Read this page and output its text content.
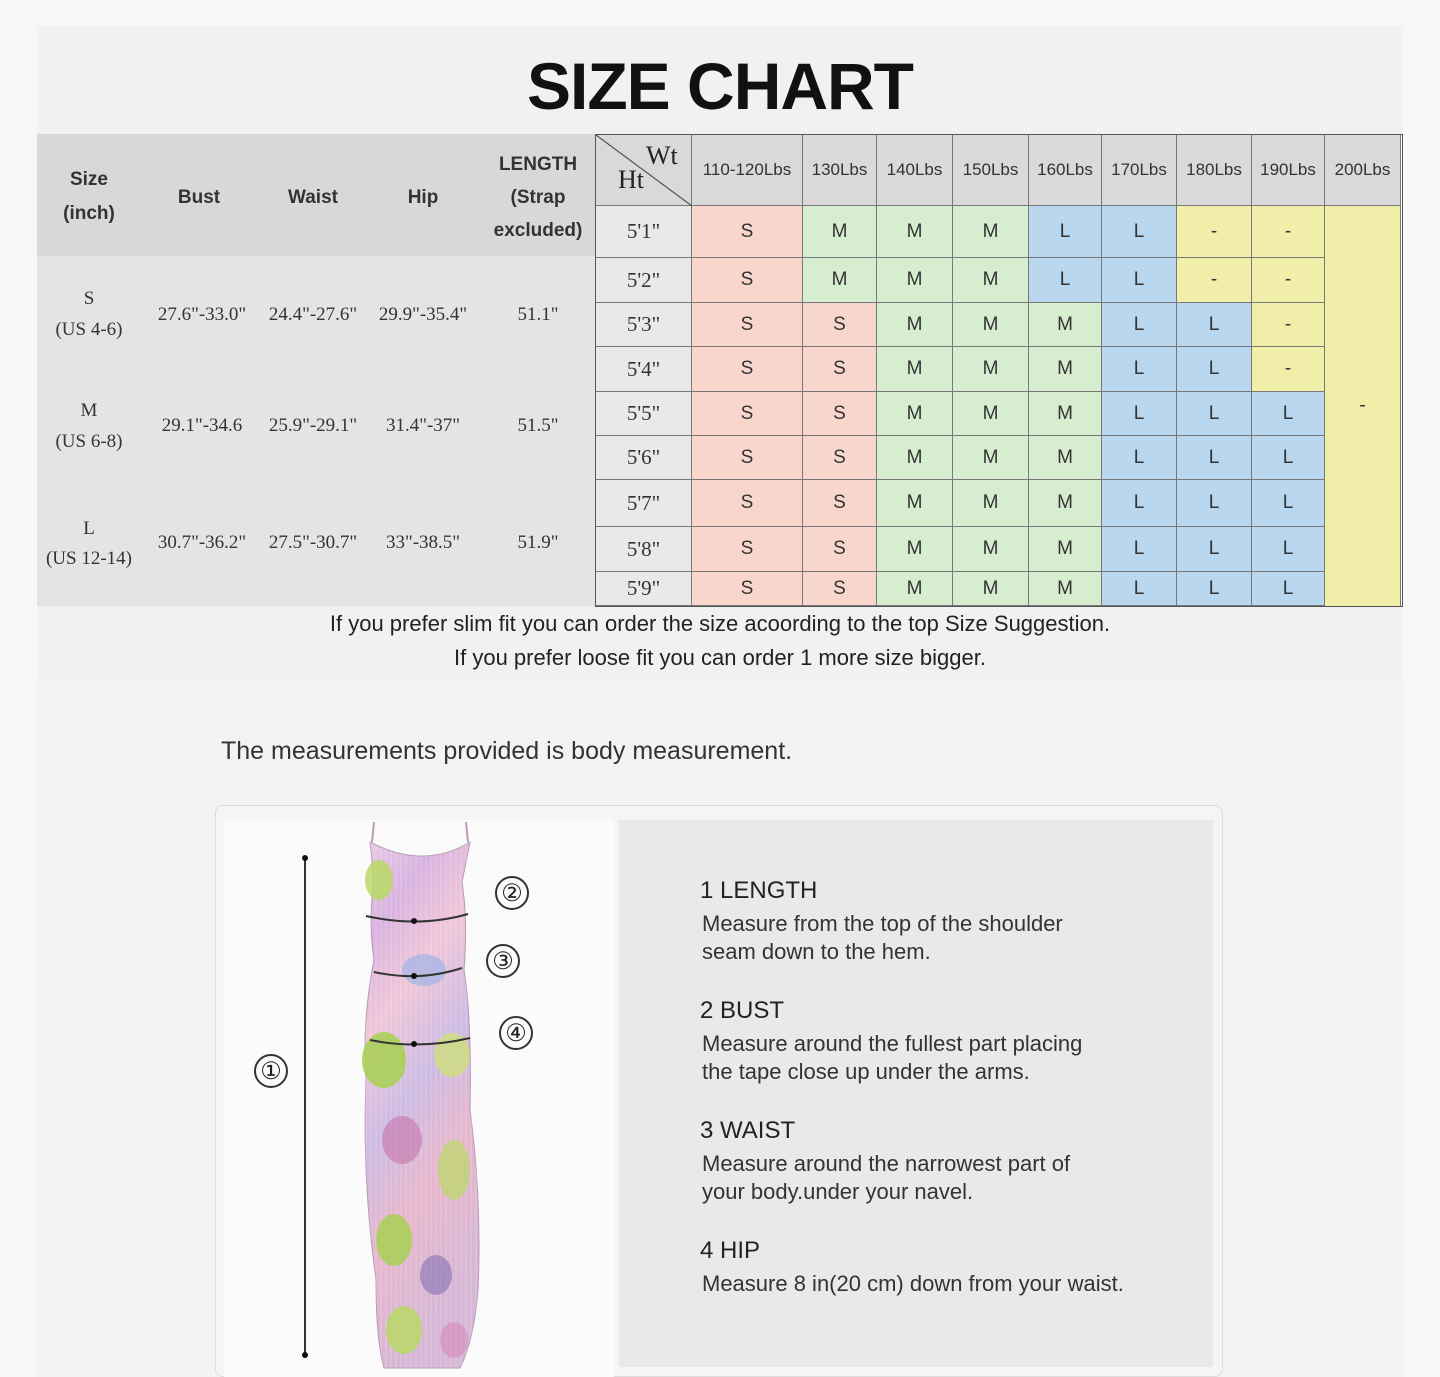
SIZE CHART
Size
(inch)
Bust	Waist	Hip
LENGTH
(Strap
excluded)
S
(US 4-6)
27.6"-33.0"	24.4"-27.6"	29.9"-35.4"	51.1"
M
(US 6-8)
29.1"-34.6	25.9"-29.1"	31.4"-37"	51.5"
L
(US 12-14)
30.7"-36.2"	27.5"-30.7"	33"-38.5"	51.9"
Wt
Ht	110-120Lbs	130Lbs	140Lbs	150Lbs	160Lbs	170Lbs	180Lbs	190Lbs	200Lbs
5'1"	S	M	M	M	L	L	-	-
5'2"	S	M	M	M	L	L	-	-
5'3"	S	S	M	M	M	L	L	-
5'4"	S	S	M	M	M	L	L	-
5'5"	S	S	M	M	M	L	L	L
5'6"	S	S	M	M	M	L	L	L
5'7"	S	S	M	M	M	L	L	L
5'8"	S	S	M	M	M	L	L	L
5'9"	S	S	M	M	M	L	L	L
-
If you prefer slim fit you can order the size acoording to the top Size Suggestion.
If you prefer loose fit you can order 1 more size bigger.
The measurements provided is body measurement.
①
②
③
④
1 LENGTH
Measure from the top of the shoulder
seam down to the hem.
2 BUST
Measure around the fullest part placing
the tape close up under the arms.
3 WAIST
Measure around the narrowest part of
your body.under your navel.
4 HIP
Measure 8 in(20 cm) down from your waist.
